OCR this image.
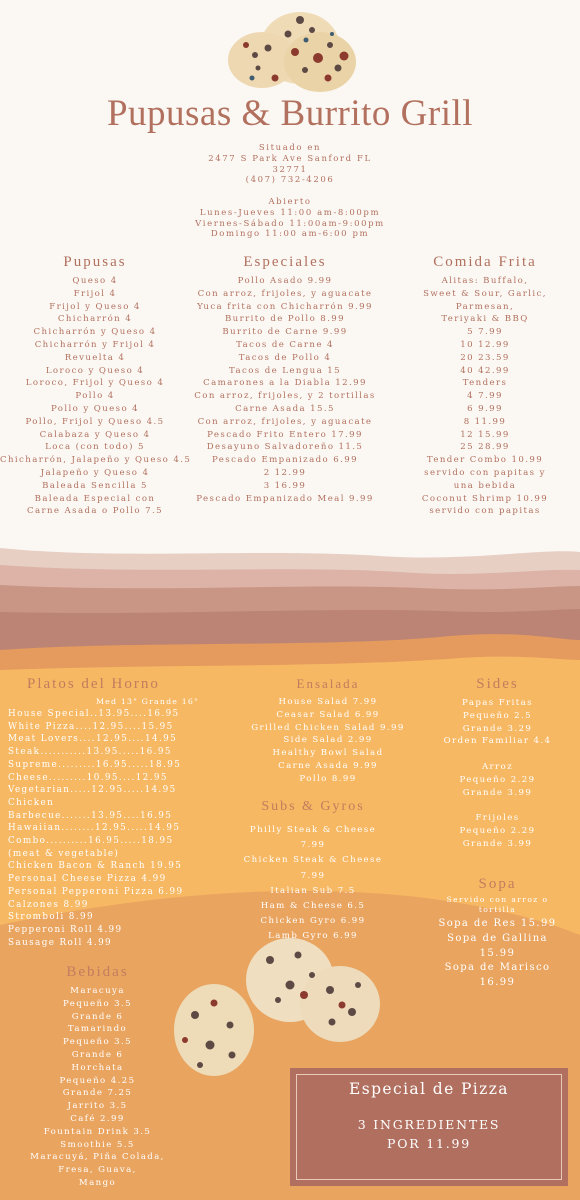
Pupusas & Burrito Grill
Situado en
2477 S Park Ave Sanford FL
32771
(407) 732-4206
Abierto
Lunes-Jueves 11:00 am-8:00pm
Viernes-Sábado 11:00am-9:00pm
Domingo 11:00 am-6:00 pm
Pupusas
Queso 4
Frijol 4
Frijol y Queso 4
Chicharrón 4
Chicharrón y Queso 4
Chicharrón y Frijol 4
Revuelta 4
Loroco y Queso 4
Loroco, Frijol y Queso 4
Pollo 4
Pollo y Queso 4
Pollo, Frijol y Queso 4.5
Calabaza y Queso 4
Loca (con todo) 5
Chicharrón, Jalapeño y Queso 4.5
Jalapeño y Queso 4
Baleada Sencilla 5
Baleada Especial con
Carne Asada o Pollo 7.5
Especiales
Pollo Asado 9.99
Con arroz, frijoles, y aguacate
Yuca frita con Chicharrón 9.99
Burrito de Pollo 8.99
Burrito de Carne 9.99
Tacos de Carne 4
Tacos de Pollo 4
Tacos de Lengua 15
Camarones a la Diabla 12.99
Con arroz, frijoles, y 2 tortillas
Carne Asada 15.5
Con arroz, frijoles, y aguacate
Pescado Frito Entero 17.99
Desayuno Salvadoreño 11.5
Pescado Empanizado 6.99
2 12.99
3 16.99
Pescado Empanizado Meal 9.99
Comida Frita
Alitas: Buffalo,
Sweet & Sour, Garlic,
Parmesan,
Teriyaki & BBQ
5 7.99
10 12.99
20 23.59
40 42.99
Tenders
4 7.99
6 9.99
8 11.99
12 15.99
25 28.99
Tender Combo 10.99
servido con papitas y
una bebida
Coconut Shrimp 10.99
servido con papitas
Platos del Horno
Med 13" Grande 16"
House Special..13.95....16.95
White Pizza....12.95....15.95
Meat Lovers....12.95....14.95
Steak...........13.95.....16.95
Supreme.........16.95.....18.95
Cheese.........10.95....12.95
Vegetarian.....12.95.....14.95
Chicken
Barbecue.......13.95....16.95
Hawaiian........12.95.....14.95
Combo..........16.95.....18.95
(meat & vegetable)
Chicken Bacon & Ranch 19.95
Personal Cheese Pizza 4.99
Personal Pepperoni Pizza 6.99
Calzones 8.99
Stromboli 8.99
Pepperoni Roll 4.99
Sausage Roll 4.99
Bebidas
Maracuya
Pequeño 3.5
Grande 6
Tamarindo
Pequeño 3.5
Grande 6
Horchata
Pequeño 4.25
Grande 7.25
Jarrito 3.5
Café 2.99
Fountain Drink 3.5
Smoothie 5.5
Maracuyá, Piña Colada,
Fresa, Guava,
Mango
Ensalada
House Salad 7.99
Ceasar Salad 6.99
Grilled Chicken Salad 9.99
Side Salad 2.99
Healthy Bowl Salad
Carne Asada 9.99
Pollo 8.99
Subs & Gyros
Philly Steak & Cheese
7.99
Chicken Steak & Cheese
7.99
Italian Sub 7.5
Ham & Cheese 6.5
Chicken Gyro 6.99
Lamb Gyro 6.99
Sides
Papas Fritas
Pequeño 2.5
Grande 3.29
Orden Familiar 4.4
Arroz
Pequeño 2.29
Grande 3.99
Frijoles
Pequeño 2.29
Grande 3.99
Sopa
Servido con arroz o tortilla
Sopa de Res 15.99
Sopa de Gallina
15.99
Sopa de Marisco
16.99
Especial de Pizza
3 INGREDIENTES
POR 11.99
